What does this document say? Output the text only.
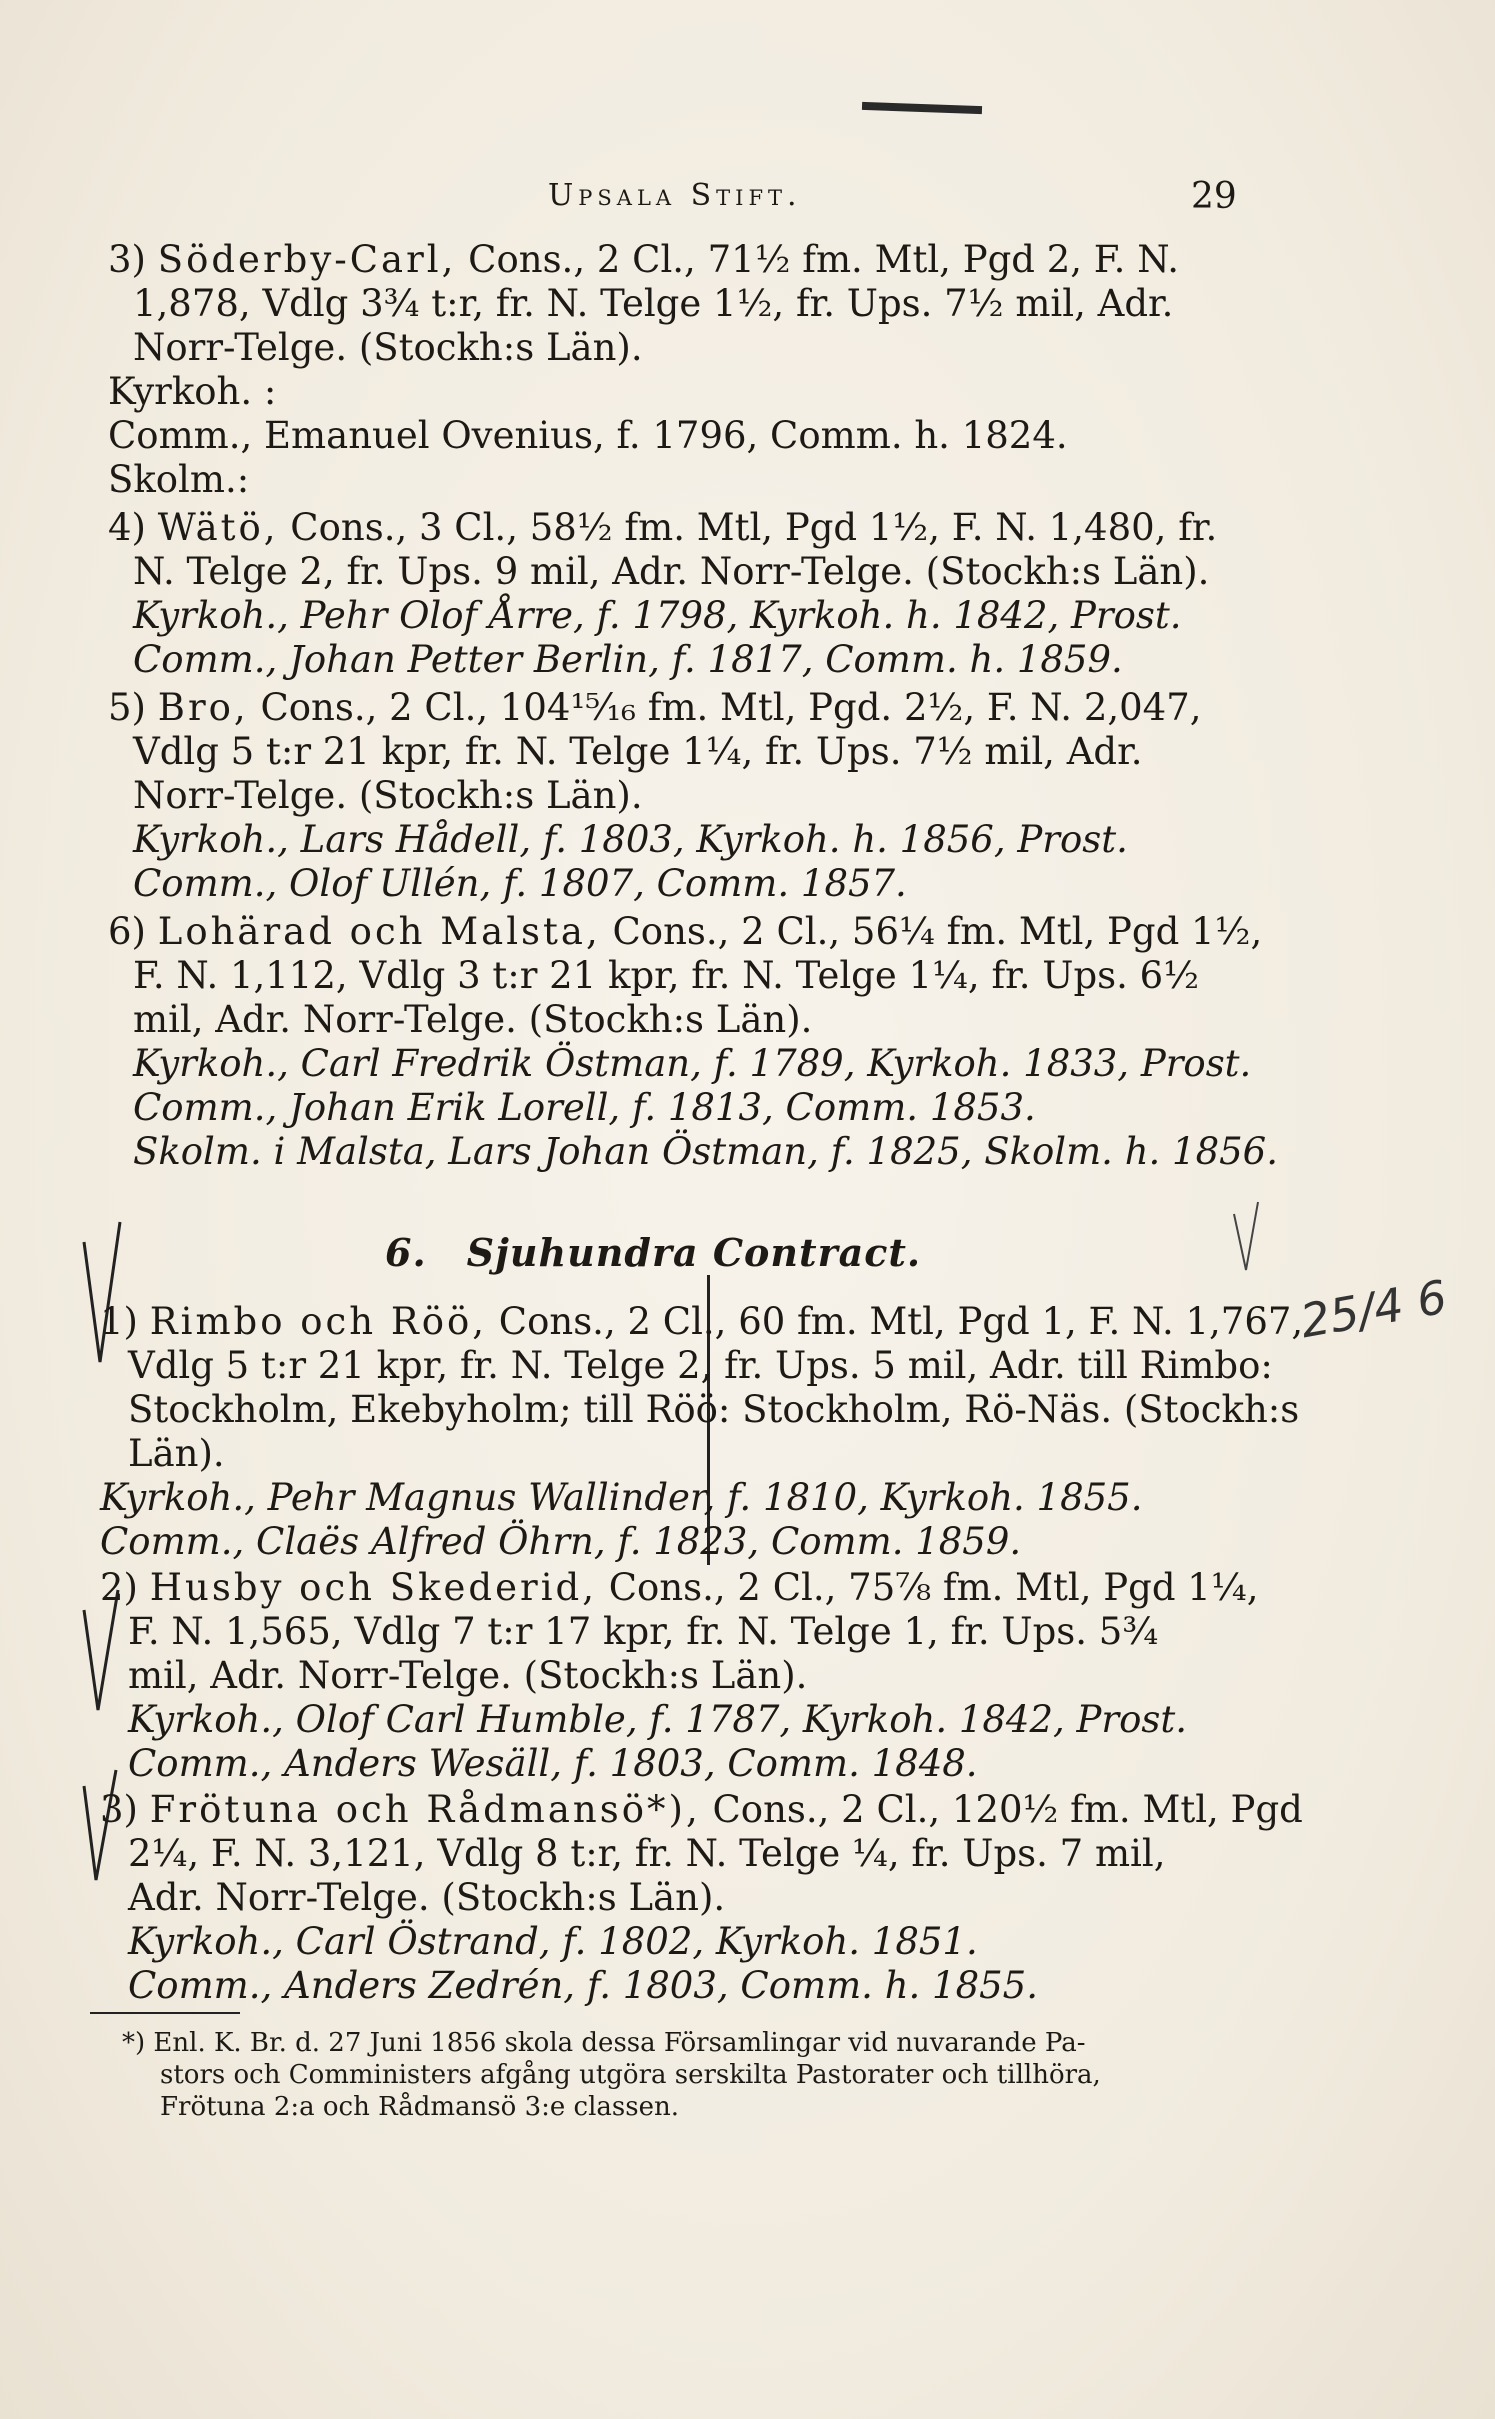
Upsala Stift.	29
3) Söderby-Carl, Cons., 2 Cl., 71½ fm. Mtl, Pgd 2, F. N.
1,878, Vdlg 3¾ t:r, fr. N. Telge 1½, fr. Ups. 7½ mil, Adr.
Norr-Telge. (Stockh:s Län).
Kyrkoh. :
Comm., Emanuel Ovenius, f. 1796, Comm. h. 1824.
Skolm.:
4) Wätö, Cons., 3 Cl., 58½ fm. Mtl, Pgd 1½, F. N. 1,480, fr.
N. Telge 2, fr. Ups. 9 mil, Adr. Norr-Telge. (Stockh:s Län).
Kyrkoh., Pehr Olof Årre, f. 1798, Kyrkoh. h. 1842, Prost.
Comm., Johan Petter Berlin, f. 1817, Comm. h. 1859.
5) Bro, Cons., 2 Cl., 104¹⁵⁄₁₆ fm. Mtl, Pgd. 2½, F. N. 2,047,
Vdlg 5 t:r 21 kpr, fr. N. Telge 1¼, fr. Ups. 7½ mil, Adr.
Norr-Telge. (Stockh:s Län).
Kyrkoh., Lars Hådell, f. 1803, Kyrkoh. h. 1856, Prost.
Comm., Olof Ullén, f. 1807, Comm. 1857.
6) Lohärad och Malsta, Cons., 2 Cl., 56¼ fm. Mtl, Pgd 1½,
F. N. 1,112, Vdlg 3 t:r 21 kpr, fr. N. Telge 1¼, fr. Ups. 6½
mil, Adr. Norr-Telge. (Stockh:s Län).
Kyrkoh., Carl Fredrik Östman, f. 1789, Kyrkoh. 1833, Prost.
Comm., Johan Erik Lorell, f. 1813, Comm. 1853.
Skolm. i Malsta, Lars Johan Östman, f. 1825, Skolm. h. 1856.
6. Sjuhundra Contract.
25/4 6
1) Rimbo och Röö, Cons., 2 Cl., 60 fm. Mtl, Pgd 1, F. N. 1,767,
Vdlg 5 t:r 21 kpr, fr. N. Telge 2, fr. Ups. 5 mil, Adr. till Rimbo:
Stockholm, Ekebyholm; till Röö: Stockholm, Rö-Näs. (Stockh:s
Län).
Kyrkoh., Pehr Magnus Wallinder, f. 1810, Kyrkoh. 1855.
Comm., Claës Alfred Öhrn, f. 1823, Comm. 1859.
2) Husby och Skederid, Cons., 2 Cl., 75⅞ fm. Mtl, Pgd 1¼,
F. N. 1,565, Vdlg 7 t:r 17 kpr, fr. N. Telge 1, fr. Ups. 5¾
mil, Adr. Norr-Telge. (Stockh:s Län).
Kyrkoh., Olof Carl Humble, f. 1787, Kyrkoh. 1842, Prost.
Comm., Anders Wesäll, f. 1803, Comm. 1848.
3) Frötuna och Rådmansö*), Cons., 2 Cl., 120½ fm. Mtl, Pgd
2¼, F. N. 3,121, Vdlg 8 t:r, fr. N. Telge ¼, fr. Ups. 7 mil,
Adr. Norr-Telge. (Stockh:s Län).
Kyrkoh., Carl Östrand, f. 1802, Kyrkoh. 1851.
Comm., Anders Zedrén, f. 1803, Comm. h. 1855.
*) Enl. K. Br. d. 27 Juni 1856 skola dessa Församlingar vid nuvarande Pa-
stors och Comministers afgång utgöra serskilta Pastorater och tillhöra,
Frötuna 2:a och Rådmansö 3:e classen.
